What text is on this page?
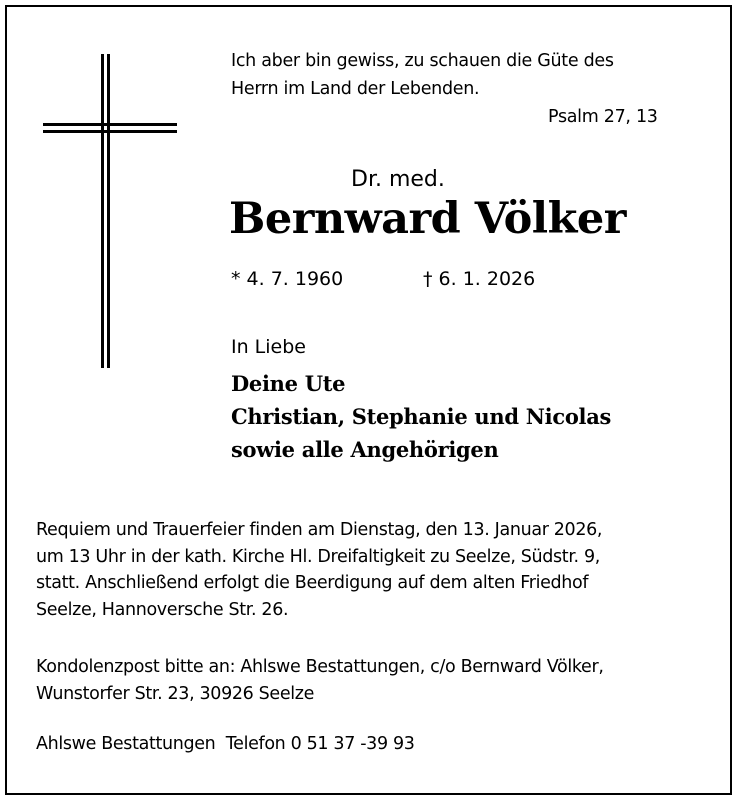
Ich aber bin gewiss, zu schauen die Güte des
Herrn im Land der Lebenden.
Psalm 27, 13
Dr. med.
Bernward Völker
* 4. 7. 1960	† 6. 1. 2026
In Liebe
Deine Ute
Christian, Stephanie und Nicolas
sowie alle Angehörigen
Requiem und Trauerfeier finden am Dienstag, den 13. Januar 2026,
um 13 Uhr in der kath. Kirche Hl. Dreifaltigkeit zu Seelze, Südstr. 9,
statt. Anschließend erfolgt die Beerdigung auf dem alten Friedhof
Seelze, Hannoversche Str. 26.
Kondolenzpost bitte an: Ahlswe Bestattungen, c/o Bernward Völker,
Wunstorfer Str. 23, 30926 Seelze
Ahlswe Bestattungen  Telefon 0 51 37 -39 93
